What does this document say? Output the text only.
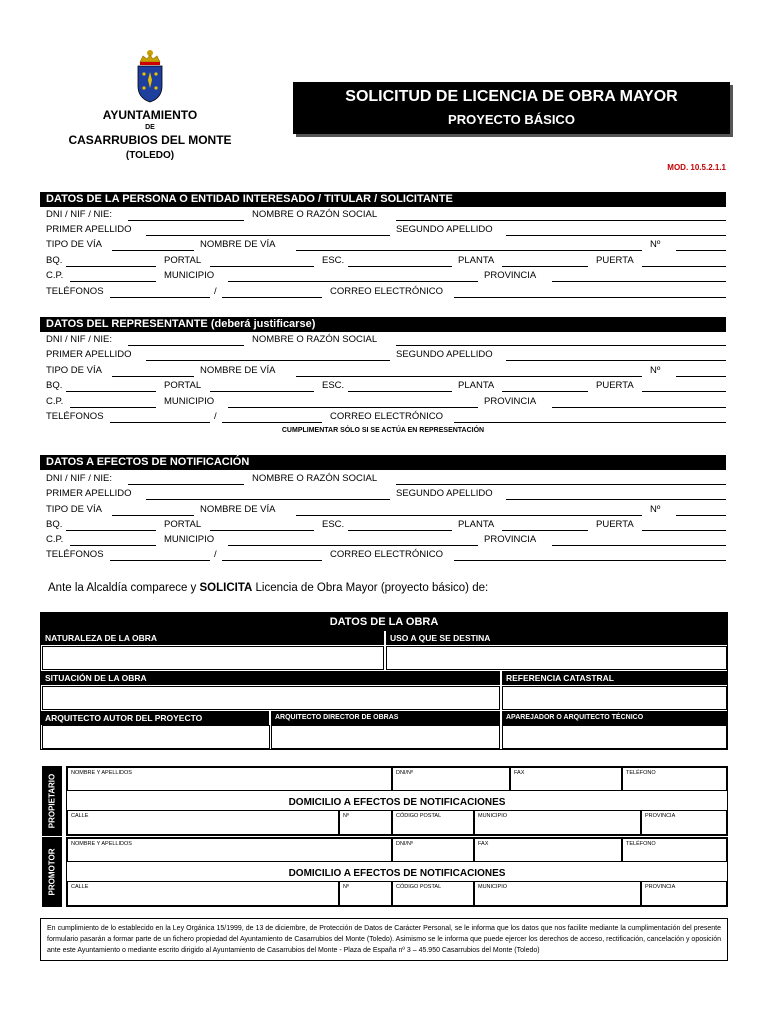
AYUNTAMIENTO
DE
CASARRUBIOS DEL MONTE
(TOLEDO)
SOLICITUD DE LICENCIA DE OBRA MAYOR
PROYECTO BÁSICO
MOD. 10.5.2.1.1
DATOS DE LA PERSONA O ENTIDAD INTERESADO / TITULAR / SOLICITANTE
DNI / NIF / NIE:	NOMBRE O RAZÓN SOCIAL
PRIMER APELLIDO	SEGUNDO APELLIDO
TIPO DE VÍA	NOMBRE DE VÍA	Nº
BQ.	PORTAL	ESC.	PLANTA	PUERTA
C.P.	MUNICIPIO	PROVINCIA
TELÉFONOS	/	CORREO ELECTRÓNICO
DATOS DEL REPRESENTANTE (deberá justificarse)
DNI / NIF / NIE:	NOMBRE O RAZÓN SOCIAL
PRIMER APELLIDO	SEGUNDO APELLIDO
TIPO DE VÍA	NOMBRE DE VÍA	Nº
BQ.	PORTAL	ESC.	PLANTA	PUERTA
C.P.	MUNICIPIO	PROVINCIA
TELÉFONOS	/	CORREO ELECTRÓNICO
CUMPLIMENTAR SÓLO SI SE ACTÚA EN REPRESENTACIÓN
DATOS A EFECTOS DE NOTIFICACIÓN
DNI / NIF / NIE:	NOMBRE O RAZÓN SOCIAL
PRIMER APELLIDO	SEGUNDO APELLIDO
TIPO DE VÍA	NOMBRE DE VÍA	Nº
BQ.	PORTAL	ESC.	PLANTA	PUERTA
C.P.	MUNICIPIO	PROVINCIA
TELÉFONOS	/	CORREO ELECTRÓNICO
Ante la Alcaldía comparece y SOLICITA Licencia de Obra Mayor (proyecto básico) de:
DATOS DE LA OBRA
NATURALEZA DE LA OBRA	USO A QUE SE DESTINA
SITUACIÓN DE LA OBRA	REFERENCIA CATASTRAL
ARQUITECTO AUTOR DEL PROYECTO	ARQUITECTO DIRECTOR DE OBRAS	APAREJADOR O ARQUITECTO TÉCNICO
PROPIETARIO
NOMBRE Y APELLIDOS	DNI/Nº	FAX	TELÉFONO
DOMICILIO A EFECTOS DE NOTIFICACIONES
CALLE	Nº	CÓDIGO POSTAL	MUNICIPIO	PROVINCIA
PROMOTOR
NOMBRE Y APELLIDOS	DNI/Nº	FAX	TELÉFONO
DOMICILIO A EFECTOS DE NOTIFICACIONES
CALLE	Nº	CÓDIGO POSTAL	MUNICIPIO	PROVINCIA
En cumplimiento de lo establecido en la Ley Orgánica 15/1999, de 13 de diciembre, de Protección de Datos de Carácter Personal, se le informa que los datos que nos facilite mediante la cumplimentación del presente formulario pasarán a formar parte de un fichero propiedad del Ayuntamiento de Casarrubios del Monte (Toledo). Asimismo se le informa que puede ejercer los derechos de acceso, rectificación, cancelación y oposición ante este Ayuntamiento o mediante escrito dirigido al Ayuntamiento de Casarrubios del Monte - Plaza de España nº 3 – 45.950 Casarrubios del Monte (Toledo)
